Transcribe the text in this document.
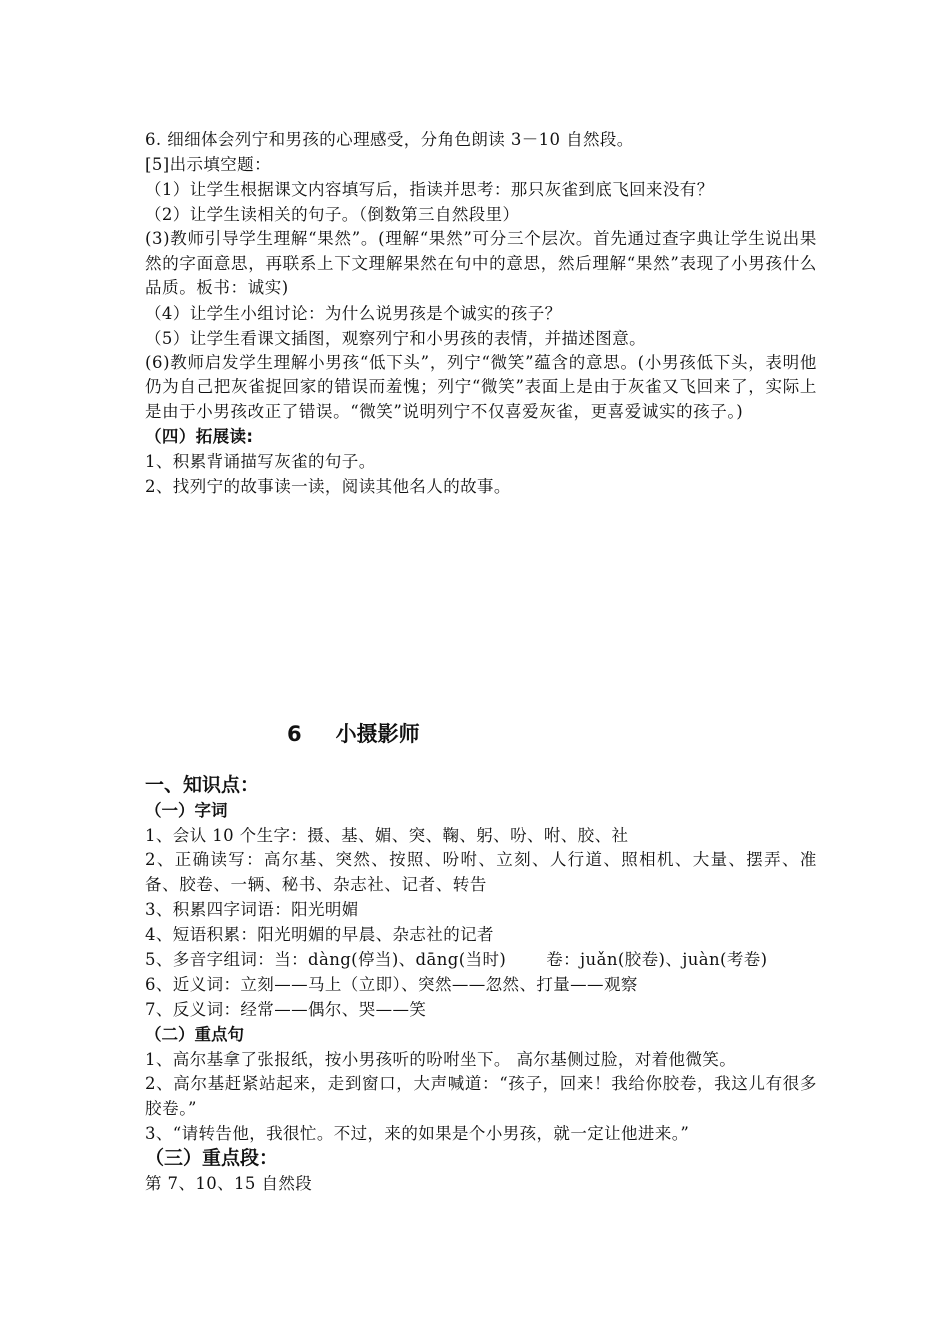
6. 细细体会列宁和男孩的心理感受，分角色朗读 3－10 自然段。
[5]出示填空题：
（1）让学生根据课文内容填写后，指读并思考：那只灰雀到底飞回来没有？
（2）让学生读相关的句子。（倒数第三自然段里）
(3)教师引导学生理解“果然”。(理解“果然”可分三个层次。首先通过查字典让学生说出果然的字面意思，再联系上下文理解果然在句中的意思，然后理解“果然”表现了小男孩什么品质。板书：诚实)
（4）让学生小组讨论：为什么说男孩是个诚实的孩子？
（5）让学生看课文插图，观察列宁和小男孩的表情，并描述图意。
(6)教师启发学生理解小男孩“低下头”，列宁“微笑”蕴含的意思。(小男孩低下头，表明他仍为自己把灰雀捉回家的错误而羞愧；列宁“微笑”表面上是由于灰雀又飞回来了，实际上是由于小男孩改正了错误。“微笑”说明列宁不仅喜爱灰雀，更喜爱诚实的孩子。)
（四）拓展读:
1、积累背诵描写灰雀的句子。
2、找列宁的故事读一读，阅读其他名人的故事。
6 小摄影师
一、知识点：
（一）字词
1、会认 10 个生字：摄、基、媚、突、鞠、躬、吩、咐、胶、社
2、正确读写：高尔基、突然、按照、吩咐、立刻、人行道、照相机、大量、摆弄、准备、胶卷、一辆、秘书、杂志社、记者、转告
3、积累四字词语：阳光明媚
4、短语积累：阳光明媚的早晨、杂志社的记者
5、多音字组词：当：dàng(停当)、dāng(当时) 卷：juǎn(胶卷)、juàn(考卷)
6、近义词：立刻——马上（立即）、突然——忽然、打量——观察
7、反义词：经常——偶尔、哭——笑
（二）重点句
1、高尔基拿了张报纸，按小男孩听的吩咐坐下。 高尔基侧过脸，对着他微笑。
2、高尔基赶紧站起来，走到窗口，大声喊道：“孩子，回来！我给你胶卷，我这儿有很多胶卷。”
3、“请转告他，我很忙。不过，来的如果是个小男孩，就一定让他进来。”
（三）重点段：
第 7、10、15 自然段
